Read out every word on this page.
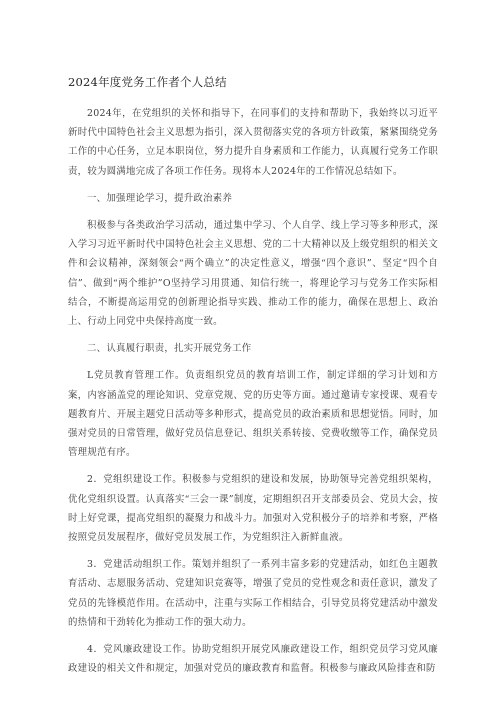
2024年度党务工作者个人总结

2024年，在党组织的关怀和指导下，在同事们的支持和帮助下，我始终以习近平新时代中国特色社会主义思想为指引，深入贯彻落实党的各项方针政策，紧紧围绕党务工作的中心任务，立足本职岗位，努力提升自身素质和工作能力，认真履行党务工作职责，较为圆满地完成了各项工作任务。现将本人2024年的工作情况总结如下。

一、加强理论学习，提升政治素养

积极参与各类政治学习活动，通过集中学习、个人自学、线上学习等多种形式，深入学习习近平新时代中国特色社会主义思想、党的二十大精神以及上级党组织的相关文件和会议精神，深刻领会“两个确立”的决定性意义，增强“四个意识”、坚定“四个自信”、做到“两个维护”O坚持学习用贯通、知信行统一，将理论学习与党务工作实际相结合，不断提高运用党的创新理论指导实践、推动工作的能力，确保在思想上、政治上、行动上同党中央保持高度一致。

二、认真履行职责，扎实开展党务工作

L党员教育管理工作。负责组织党员的教育培训工作，制定详细的学习计划和方案，内容涵盖党的理论知识、党章党规、党的历史等方面。通过邀请专家授课、观看专题教育片、开展主题党日活动等多种形式，提高党员的政治素质和思想觉悟。同时，加强对党员的日常管理，做好党员信息登记、组织关系转接、党费收缴等工作，确保党员管理规范有序。

2．党组织建设工作。积极参与党组织的建设和发展，协助领导完善党组织架构，优化党组织设置。认真落实“三会一课”制度，定期组织召开支部委员会、党员大会，按时上好党课，提高党组织的凝聚力和战斗力。加强对入党积极分子的培养和考察，严格按照党员发展程序，做好党员发展工作，为党组织注入新鲜血液。

3．党建活动组织工作。策划并组织了一系列丰富多彩的党建活动，如红色主题教育活动、志愿服务活动、党建知识竞赛等，增强了党员的党性观念和责任意识，激发了党员的先锋模范作用。在活动中，注重与实际工作相结合，引导党员将党建活动中激发的热情和干劲转化为推动工作的强大动力。

4．党风廉政建设工作。协助党组织开展党风廉政建设工作，组织党员学习党风廉政建设的相关文件和规定，加强对党员的廉政教育和监督。积极参与廉政风险排查和防
